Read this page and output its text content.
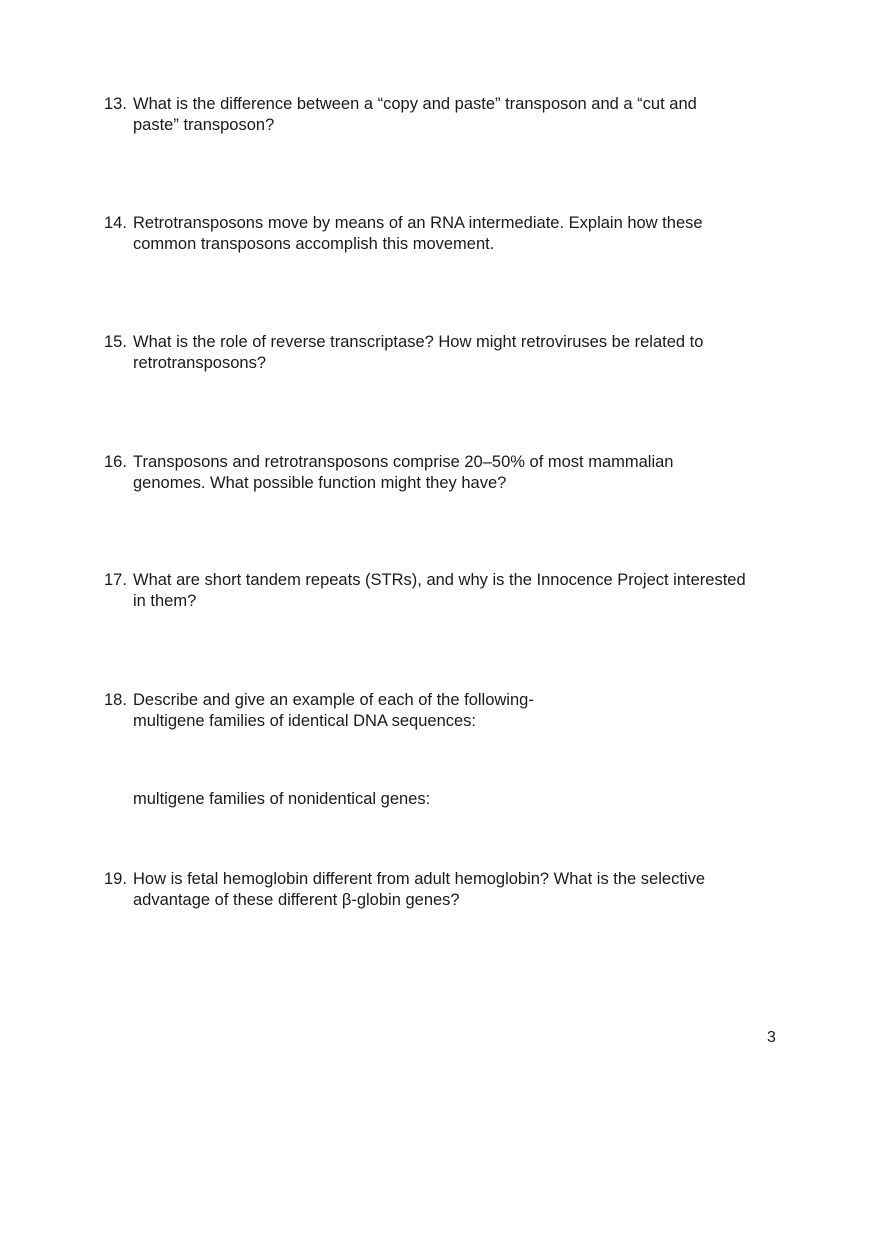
13. What is the difference between a “copy and paste” transposon and a “cut and
paste” transposon?
14. Retrotransposons move by means of an RNA intermediate. Explain how these
common transposons accomplish this movement.
15. What is the role of reverse transcriptase? How might retroviruses be related to
retrotransposons?
16. Transposons and retrotransposons comprise 20–50% of most mammalian
genomes. What possible function might they have?
17. What are short tandem repeats (STRs), and why is the Innocence Project interested
in them?
18. Describe and give an example of each of the following-
multigene families of identical DNA sequences:
multigene families of nonidentical genes:
19. How is fetal hemoglobin different from adult hemoglobin? What is the selective
advantage of these different β-globin genes?
3
